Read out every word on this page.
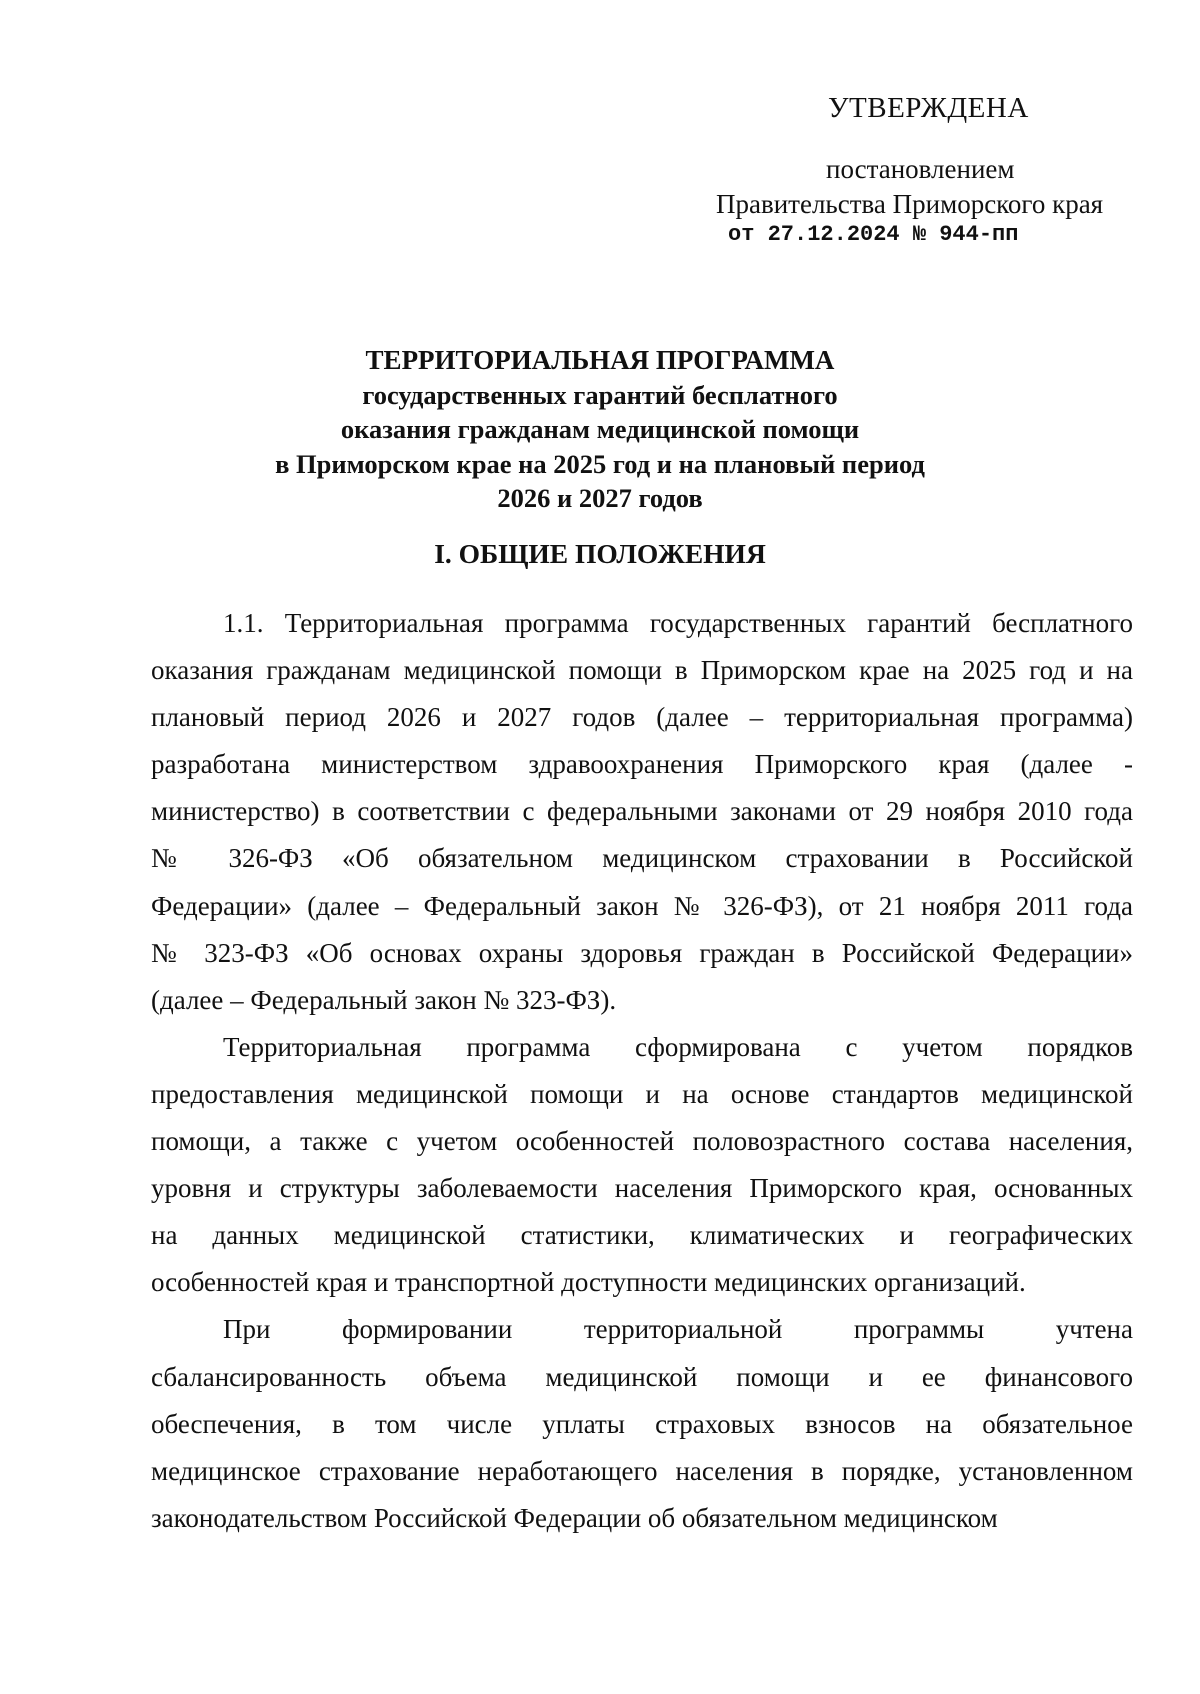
УТВЕРЖДЕНА
постановлением
Правительства Приморского края
от 27.12.2024 № 944-пп
ТЕРРИТОРИАЛЬНАЯ ПРОГРАММА
государственных гарантий бесплатного
оказания гражданам медицинской помощи
в Приморском крае на 2025 год и на плановый период
2026 и 2027 годов
I. ОБЩИЕ ПОЛОЖЕНИЯ
1.1. Территориальная программа государственных гарантий бесплатного
оказания гражданам медицинской помощи в Приморском крае на 2025 год и на
плановый период 2026 и 2027 годов (далее – территориальная программа)
разработана министерством здравоохранения Приморского края (далее -
министерство) в соответствии с федеральными законами от 29 ноября 2010 года
№ 326-ФЗ «Об обязательном медицинском страховании в Российской
Федерации» (далее – Федеральный закон № 326-ФЗ), от 21 ноября 2011 года
№ 323-ФЗ «Об основах охраны здоровья граждан в Российской Федерации»
(далее – Федеральный закон № 323-ФЗ).
Территориальная программа сформирована с учетом порядков
предоставления медицинской помощи и на основе стандартов медицинской
помощи, а также с учетом особенностей половозрастного состава населения,
уровня и структуры заболеваемости населения Приморского края, основанных
на данных медицинской статистики, климатических и географических
особенностей края и транспортной доступности медицинских организаций.
При формировании территориальной программы учтена
сбалансированность объема медицинской помощи и ее финансового
обеспечения, в том числе уплаты страховых взносов на обязательное
медицинское страхование неработающего населения в порядке, установленном
законодательством Российской Федерации об обязательном медицинском
